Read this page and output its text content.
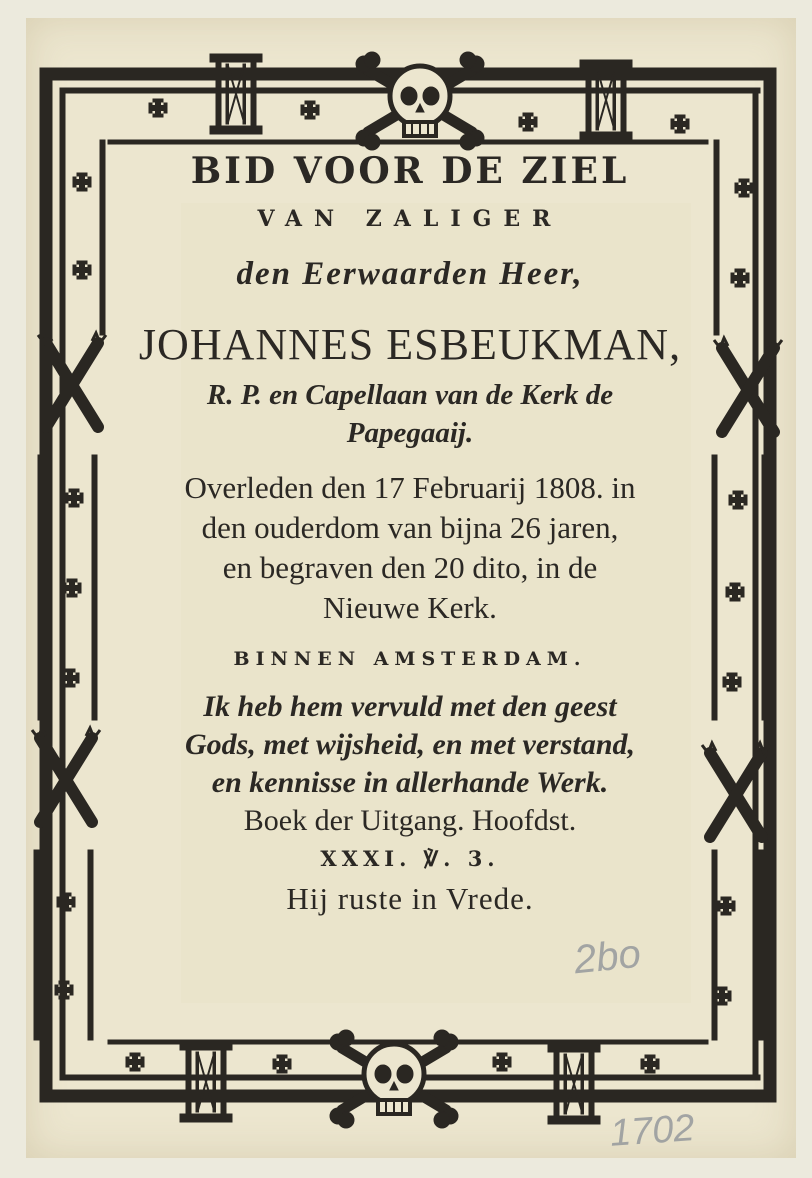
BID VOOR DE ZIEL
VAN ZALIGER
den Eerwaarden Heer,
JOHANNES ESBEUKMAN,
R. P. en Capellaan van de Kerk de
Papegaaij.
Overleden den 17 Februarij 1808. in
den ouderdom van bijna 26 jaren,
en begraven den 20 dito, in de
Nieuwe Kerk.
BINNEN AMSTERDAM.
Ik heb hem vervuld met den geest
Gods, met wijsheid, en met verstand,
en kennisse in allerhande Werk.
Boek der Uitgang. Hoofdst.
XXXI. ℣. 3.
Hij ruste in Vrede.
2bo
1702
